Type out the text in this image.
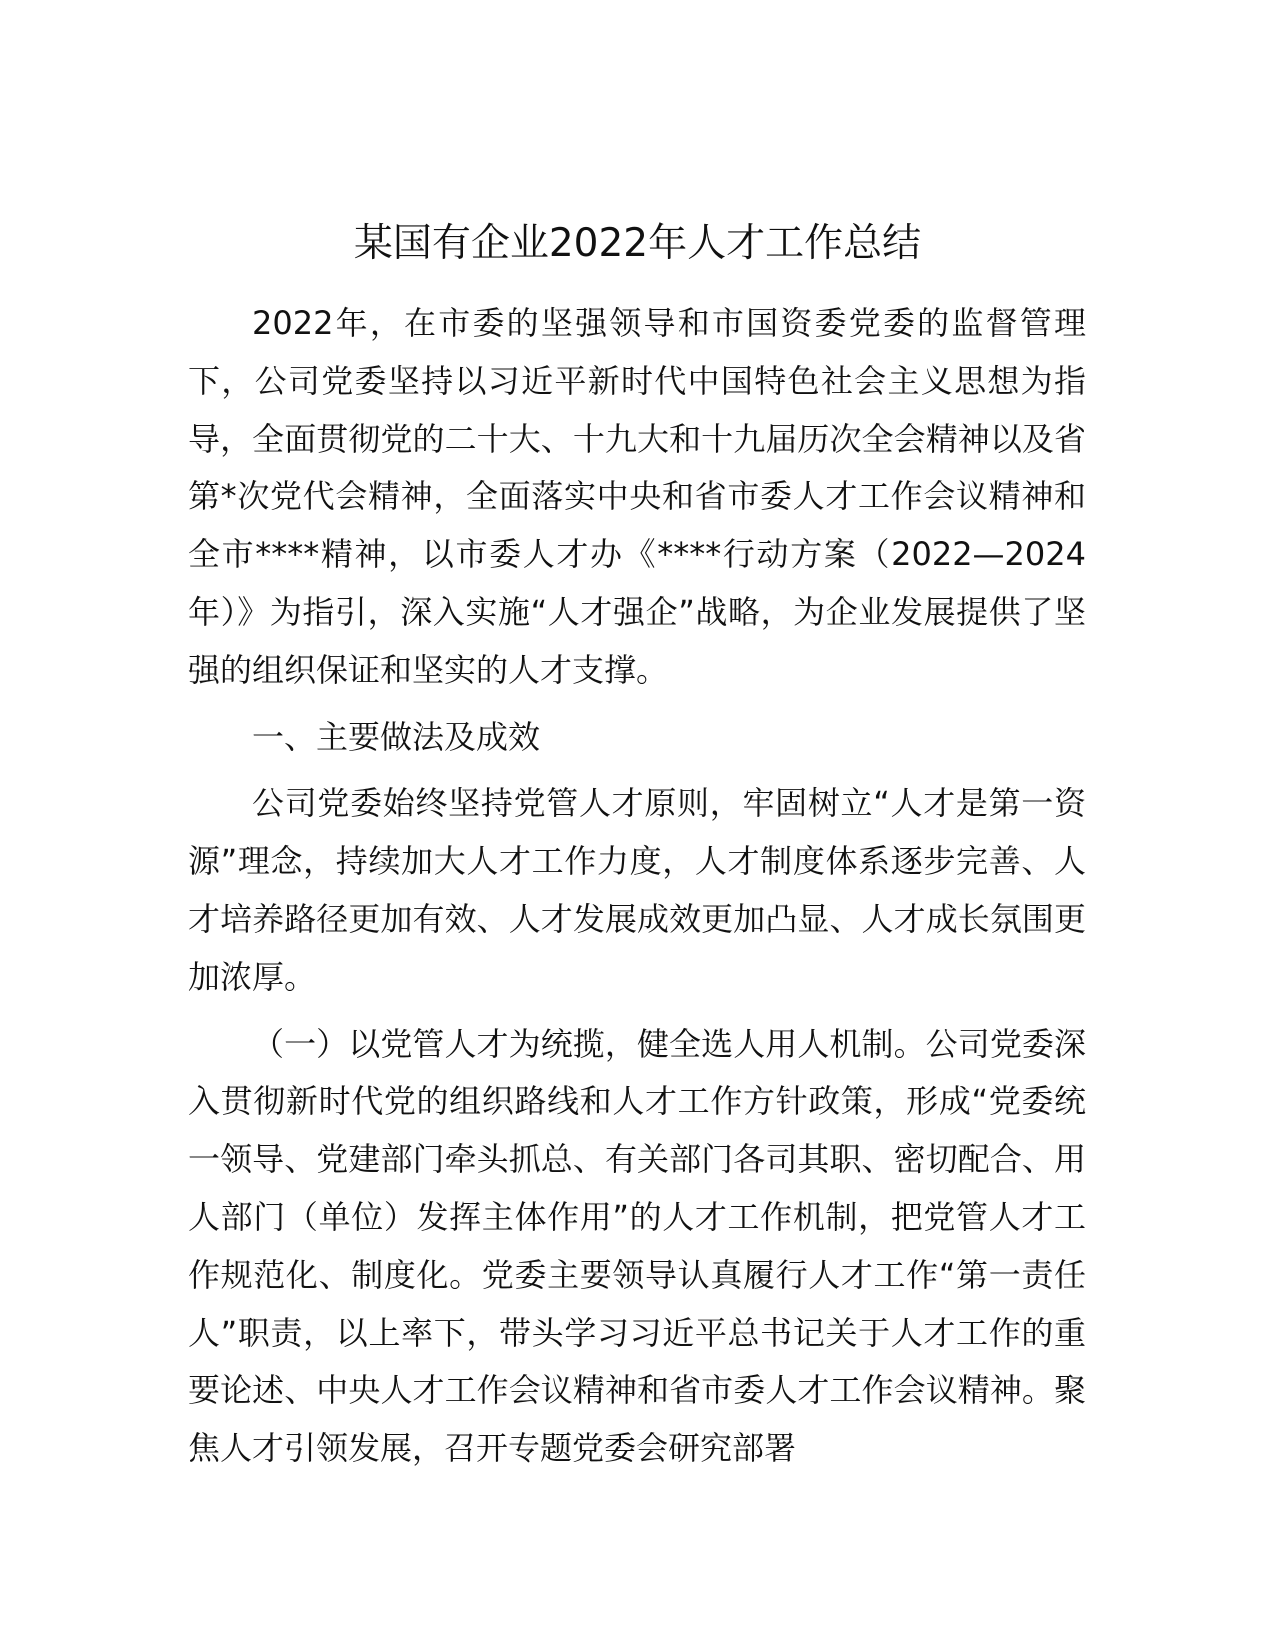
某国有企业2022年人才工作总结

2022年，在市委的坚强领导和市国资委党委的监督管理下，公司党委坚持以习近平新时代中国特色社会主义思想为指导，全面贯彻党的二十大、十九大和十九届历次全会精神以及省第*次党代会精神，全面落实中央和省市委人才工作会议精神和全市****精神，以市委人才办《****行动方案（2022—2024年）》为指引，深入实施“人才强企”战略，为企业发展提供了坚强的组织保证和坚实的人才支撑。

一、主要做法及成效

公司党委始终坚持党管人才原则，牢固树立“人才是第一资源”理念，持续加大人才工作力度，人才制度体系逐步完善、人才培养路径更加有效、人才发展成效更加凸显、人才成长氛围更加浓厚。

（一）以党管人才为统揽，健全选人用人机制。公司党委深入贯彻新时代党的组织路线和人才工作方针政策，形成“党委统一领导、党建部门牵头抓总、有关部门各司其职、密切配合、用人部门（单位）发挥主体作用”的人才工作机制，把党管人才工作规范化、制度化。党委主要领导认真履行人才工作“第一责任人”职责，以上率下，带头学习习近平总书记关于人才工作的重要论述、中央人才工作会议精神和省市委人才工作会议精神。聚焦人才引领发展，召开专题党委会研究部署
